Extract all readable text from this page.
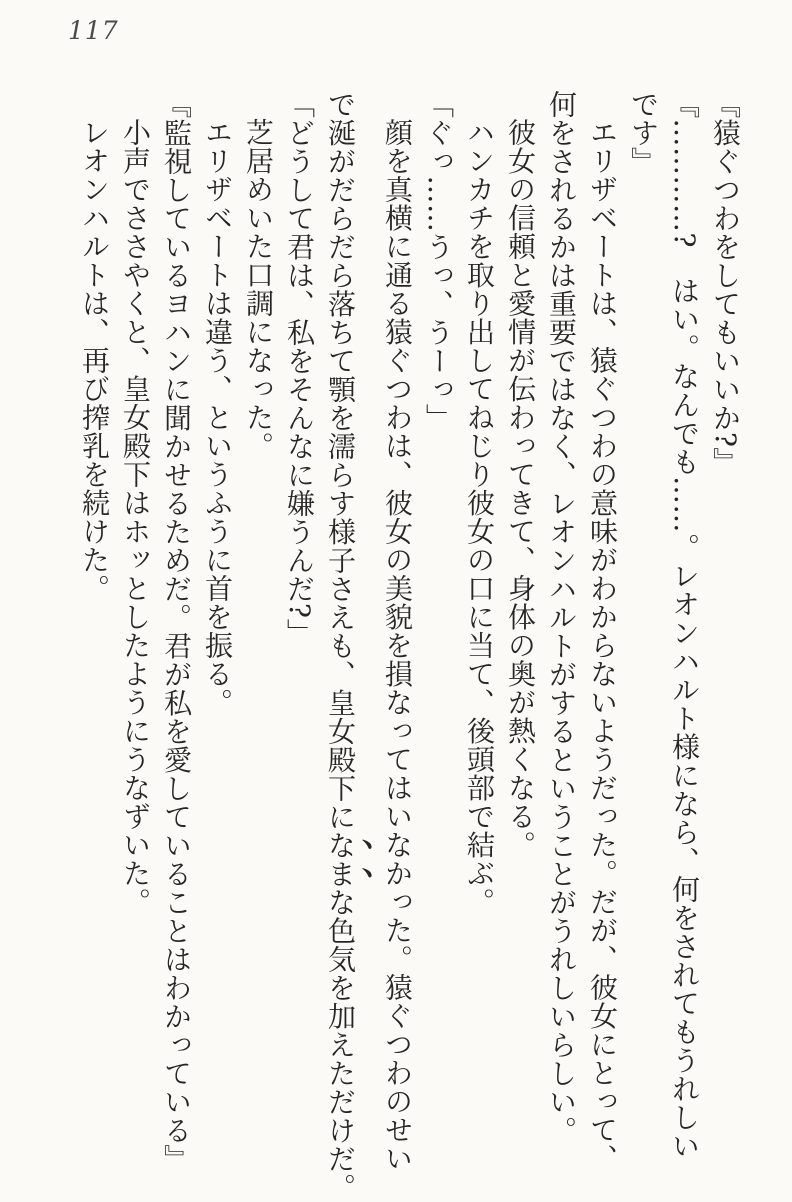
117

『猿ぐつわをしてもいいか?』

『…………?　はい。なんでも……。レオンハルト様になら、何をされてもうれしい

です』

エリザベートは、猿ぐつわの意味がわからないようだった。だが、彼女にとって、

何をされるかは重要ではなく、レオンハルトがするということがうれしいらしい。

彼女の信頼と愛情が伝わってきて、身体の奥が熱くなる。

ハンカチを取り出してねじり彼女の口に当て、後頭部で結ぶ。

「ぐっ……うっ、うーっ」

顔を真横に通る猿ぐつわは、彼女の美貌を損なってはいなかった。猿ぐつわのせい

で涎がだらだら落ちて顎を濡らす様子さえも、皇女殿下になまな色気を加えただけだ。

「どうして君は、私をそんなに嫌うんだ?」

芝居めいた口調になった。

エリザベートは違う、というふうに首を振る。

『監視しているヨハンに聞かせるためだ。君が私を愛していることはわかっている』

小声でささやくと、皇女殿下はホッとしたようにうなずいた。

レオンハルトは、再び搾乳を続けた。
